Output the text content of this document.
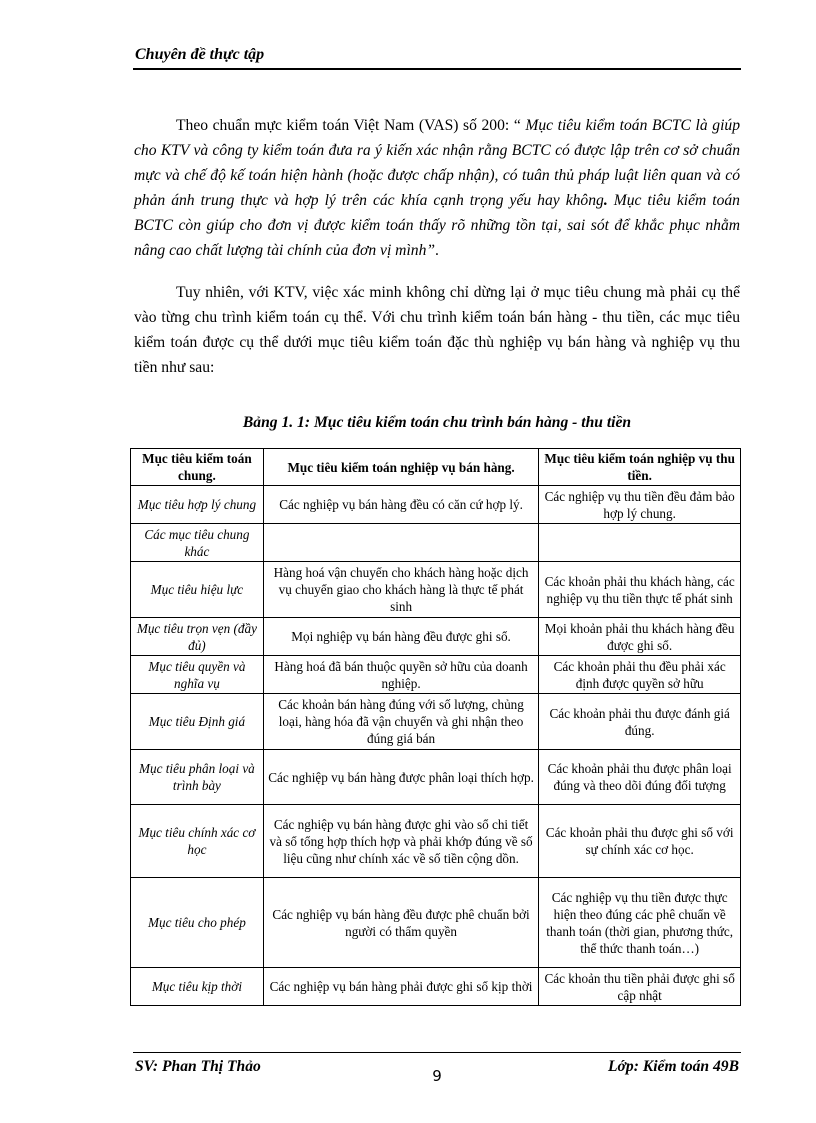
Chuyên đề thực tập

Theo chuẩn mực kiểm toán Việt Nam (VAS) số 200: “ Mục tiêu kiểm toán BCTC là giúp cho KTV và công ty kiểm toán đưa ra ý kiến xác nhận rằng BCTC có được lập trên cơ sở chuẩn mực và chế độ kế toán hiện hành (hoặc được chấp nhận), có tuân thủ pháp luật liên quan và có phản ánh trung thực và hợp lý trên các khía cạnh trọng yếu hay không. Mục tiêu kiểm toán BCTC còn giúp cho đơn vị được kiểm toán thấy rõ những tồn tại, sai sót để khắc phục nhằm nâng cao chất lượng tài chính của đơn vị mình”.

Tuy nhiên, với KTV, việc xác minh không chỉ dừng lại ở mục tiêu chung mà phải cụ thể vào từng chu trình kiểm toán cụ thể. Với chu trình kiểm toán bán hàng - thu tiền, các mục tiêu kiểm toán được cụ thể dưới mục tiêu kiểm toán đặc thù nghiệp vụ bán hàng và nghiệp vụ thu tiền như sau:

Bảng 1. 1: Mục tiêu kiểm toán chu trình bán hàng - thu tiền
Mục tiêu kiểm toán chung.	Mục tiêu kiểm toán nghiệp vụ bán hàng.	Mục tiêu kiểm toán nghiệp vụ thu tiền.
Mục tiêu hợp lý chung	Các nghiệp vụ bán hàng đều có căn cứ hợp lý.	Các nghiệp vụ thu tiền đều đảm bảo hợp lý chung.
Các mục tiêu chung khác		
Mục tiêu hiệu lực	Hàng hoá vận chuyển cho khách hàng hoặc dịch vụ chuyển giao cho khách hàng là thực tế phát sinh	Các khoản phải thu khách hàng, các nghiệp vụ thu tiền thực tế phát sinh
Mục tiêu trọn vẹn (đầy đủ)	Mọi nghiệp vụ bán hàng đều được ghi sổ.	Mọi khoản phải thu khách hàng đều được ghi sổ.
Mục tiêu quyền và nghĩa vụ	Hàng hoá đã bán thuộc quyền sở hữu của doanh nghiệp.	Các khoản phải thu đều phải xác định được quyền sở hữu
Mục tiêu Định giá	Các khoản bán hàng đúng với số lượng, chủng loại, hàng hóa đã vận chuyển và ghi nhận theo đúng giá bán	Các khoản phải thu được đánh giá đúng.
Mục tiêu phân loại và trình bày	Các nghiệp vụ bán hàng được phân loại thích hợp.	Các khoản phải thu được phân loại đúng và theo dõi đúng đối tượng
Mục tiêu chính xác cơ học	Các nghiệp vụ bán hàng được ghi vào sổ chi tiết và sổ tổng hợp thích hợp và phải khớp đúng về số liệu cũng như chính xác về số tiền cộng dồn.	Các khoản phải thu được ghi sổ với sự chính xác cơ học.
Mục tiêu cho phép	Các nghiệp vụ bán hàng đều được phê chuẩn bởi người có thẩm quyền	Các nghiệp vụ thu tiền được thực hiện theo đúng các phê chuẩn về thanh toán (thời gian, phương thức, thể thức thanh toán…)
Mục tiêu kịp thời	Các nghiệp vụ bán hàng phải được ghi sổ kịp thời	Các khoản thu tiền phải được ghi sổ cập nhật
SV: Phan Thị Thảo
9
Lớp: Kiểm toán 49B
